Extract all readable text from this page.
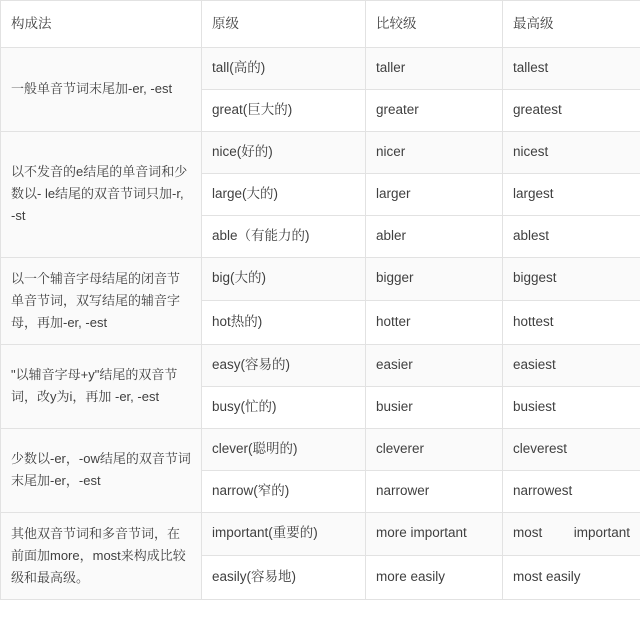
构成法	原级	比较级	最高级
一般单音节词末尾加-er, -est	tall(高的)	taller	tallest
	great(巨大的)	greater	greatest
以不发音的e结尾的单音词和少数以- le结尾的双音节词只加-r, -st	nice(好的)	nicer	nicest
	large(大的)	larger	largest
	able（有能力的)	abler	ablest
以一个辅音字母结尾的闭音节单音节词，双写结尾的辅音字母，再加-er, -est	big(大的)	bigger	biggest
	hot热的)	hotter	hottest
"以辅音字母+y"结尾的双音节词，改y为i，再加 -er, -est	easy(容易的)	easier	easiest
	busy(忙的)	busier	busiest
少数以-er，-ow结尾的双音节词末尾加-er，-est	clever(聪明的)	cleverer	cleverest
	narrow(窄的)	narrower	narrowest
其他双音节词和多音节词，在前面加more，most来构成比较级和最高级。	important(重要的)	more important	most important
	easily(容易地)	more easily	most easily
